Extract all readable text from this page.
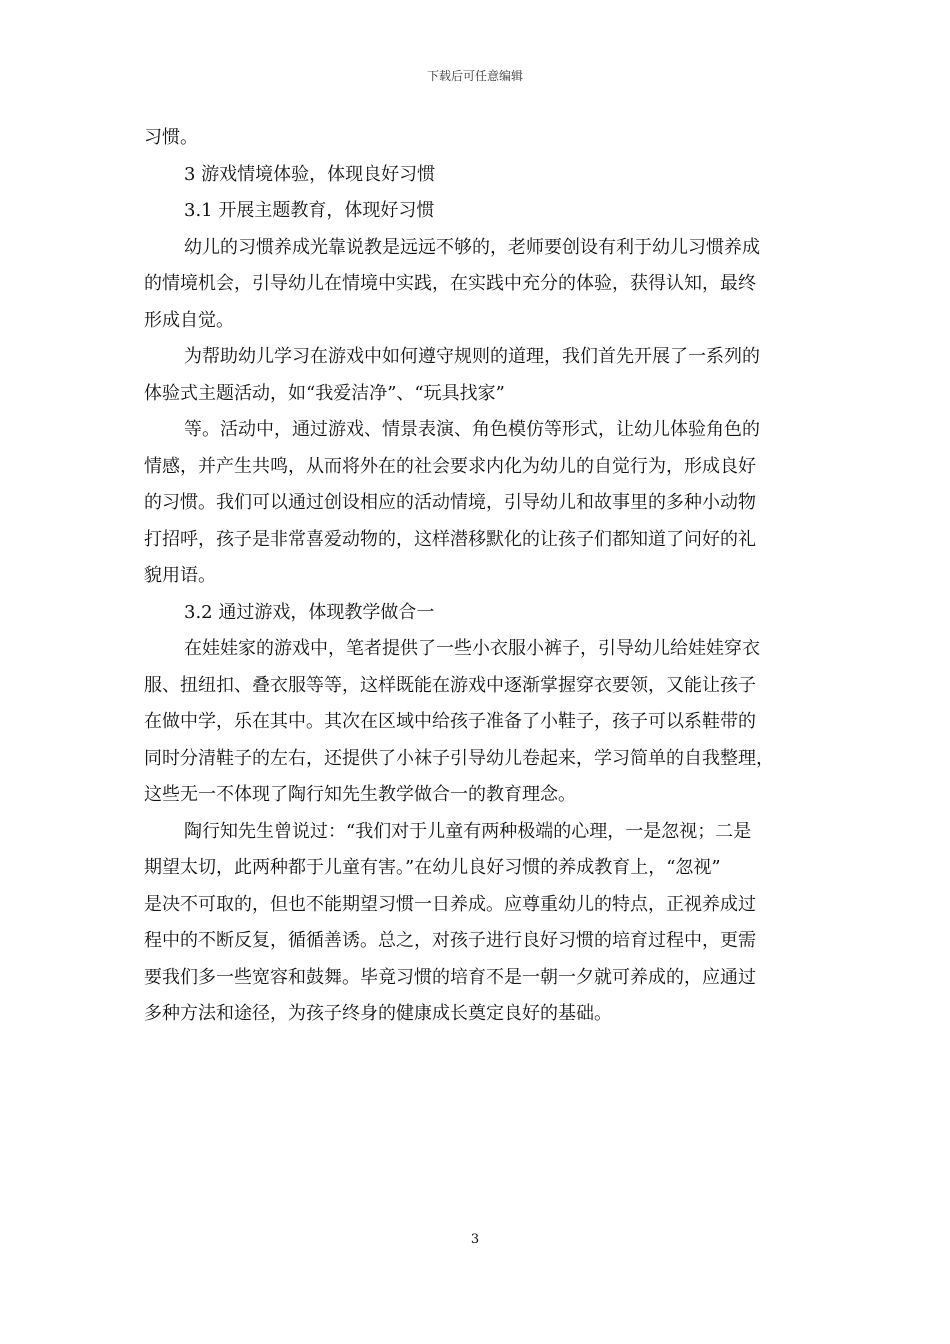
下载后可任意编辑
习惯。
3 游戏情境体验，体现良好习惯
3.1 开展主题教育，体现好习惯
幼儿的习惯养成光靠说教是远远不够的，老师要创设有利于幼儿习惯养成
的情境机会，引导幼儿在情境中实践，在实践中充分的体验，获得认知，最终
形成自觉。
为帮助幼儿学习在游戏中如何遵守规则的道理，我们首先开展了一系列的
体验式主题活动，如“我爱洁净”、“玩具找家”
等。活动中，通过游戏、情景表演、角色模仿等形式，让幼儿体验角色的
情感，并产生共鸣，从而将外在的社会要求内化为幼儿的自觉行为，形成良好
的习惯。我们可以通过创设相应的活动情境，引导幼儿和故事里的多种小动物
打招呼，孩子是非常喜爱动物的，这样潜移默化的让孩子们都知道了问好的礼
貌用语。
3.2 通过游戏，体现教学做合一
在娃娃家的游戏中，笔者提供了一些小衣服小裤子，引导幼儿给娃娃穿衣
服、扭纽扣、叠衣服等等，这样既能在游戏中逐渐掌握穿衣要领，又能让孩子
在做中学，乐在其中。其次在区域中给孩子准备了小鞋子，孩子可以系鞋带的
同时分清鞋子的左右，还提供了小袜子引导幼儿卷起来，学习简单的自我整理，
这些无一不体现了陶行知先生教学做合一的教育理念。
陶行知先生曾说过：“我们对于儿童有两种极端的心理，一是忽视；二是
期望太切，此两种都于儿童有害。”在幼儿良好习惯的养成教育上，“忽视”
是决不可取的，但也不能期望习惯一日养成。应尊重幼儿的特点，正视养成过
程中的不断反复，循循善诱。总之，对孩子进行良好习惯的培育过程中，更需
要我们多一些宽容和鼓舞。毕竟习惯的培育不是一朝一夕就可养成的，应通过
多种方法和途径，为孩子终身的健康成长奠定良好的基础。
3
